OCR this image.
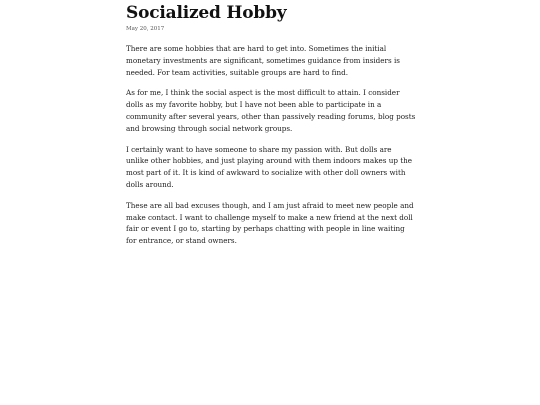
Socialized Hobby
May 20, 2017

There are some hobbies that are hard to get into. Sometimes the initial monetary investments are significant, sometimes guidance from insiders is needed. For team activities, suitable groups are hard to find.

As for me, I think the social aspect is the most difficult to attain. I consider dolls as my favorite hobby, but I have not been able to participate in a community after several years, other than passively reading forums, blog posts and browsing through social network groups.

I certainly want to have someone to share my passion with. But dolls are unlike other hobbies, and just playing around with them indoors makes up the most part of it. It is kind of awkward to socialize with other doll owners with dolls around.

These are all bad excuses though, and I am just afraid to meet new people and make contact. I want to challenge myself to make a new friend at the next doll fair or event I go to, starting by perhaps chatting with people in line waiting for entrance, or stand owners.
